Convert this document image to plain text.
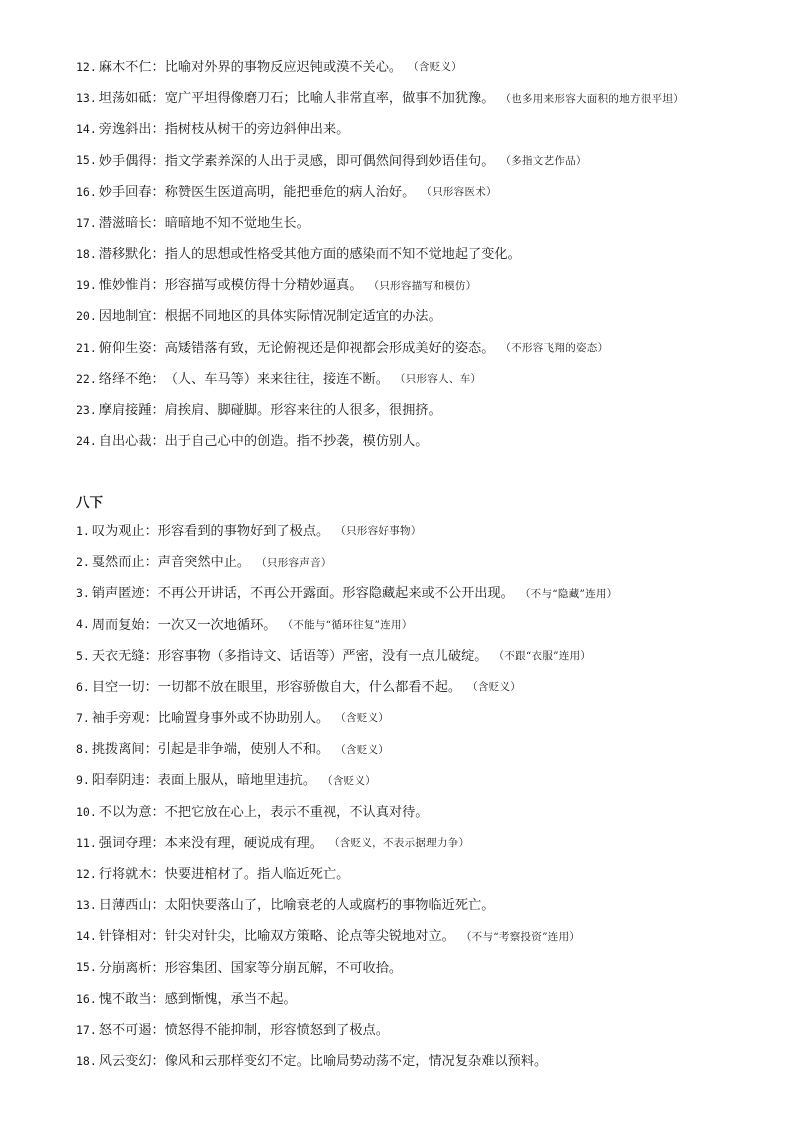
12. 麻木不仁 ： 比喻对外界的事物反应迟钝或漠不关心。 （含贬义）
13. 坦荡如砥 ： 宽广平坦得像磨刀石；比喻人非常直率，做事不加犹豫。 （也多用来形容大面积的地方很平坦）
14. 旁逸斜出 ： 指树枝从树干的旁边斜伸出来。
15. 妙手偶得 ： 指文学素养深的人出于灵感，即可偶然间得到妙语佳句。 （多指文艺作品）
16. 妙手回春 ： 称赞医生医道高明，能把垂危的病人治好。 （只形容医术）
17. 潜滋暗长 ： 暗暗地不知不觉地生长。
18. 潜移默化 ： 指人的思想或性格受其他方面的感染而不知不觉地起了变化。
19. 惟妙惟肖 ： 形容描写或模仿得十分精妙逼真。 （只形容描写和模仿）
20. 因地制宜 ： 根据不同地区的具体实际情况制定适宜的办法。
21. 俯仰生姿 ： 高矮错落有致，无论俯视还是仰视都会形成美好的姿态。 （不形容飞翔的姿态）
22. 络绎不绝 ： （人、车马等）来来往往，接连不断。 （只形容人、车）
23. 摩肩接踵 ： 肩挨肩、脚碰脚。形容来往的人很多，很拥挤。
24. 自出心裁 ： 出于自己心中的创造。指不抄袭，模仿别人。
八下
1. 叹为观止 ： 形容看到的事物好到了极点。 （只形容好事物）
2. 戛然而止 ： 声音突然中止。 （只形容声音）
3. 销声匿迹 ： 不再公开讲话，不再公开露面。形容隐藏起来或不公开出现。 （不与“隐藏”连用）
4. 周而复始 ： 一次又一次地循环。 （不能与“循环往复”连用）
5. 天衣无缝 ： 形容事物（多指诗文、话语等）严密，没有一点儿破绽。 （不跟“衣服”连用）
6. 目空一切 ： 一切都不放在眼里，形容骄傲自大，什么都看不起。 （含贬义）
7. 袖手旁观 ： 比喻置身事外或不协助别人。 （含贬义）
8. 挑拨离间 ： 引起是非争端，使别人不和。 （含贬义）
9. 阳奉阴违 ： 表面上服从，暗地里违抗。 （含贬义）
10. 不以为意 ： 不把它放在心上，表示不重视，不认真对待。
11. 强词夺理 ： 本来没有理，硬说成有理。 （含贬义，不表示据理力争）
12. 行将就木 ： 快要进棺材了。指人临近死亡。
13. 日薄西山 ： 太阳快要落山了，比喻衰老的人或腐朽的事物临近死亡。
14. 针锋相对 ： 针尖对针尖，比喻双方策略、论点等尖锐地对立。 （不与“考察投资”连用）
15. 分崩离析 ： 形容集团、国家等分崩瓦解，不可收拾。
16. 愧不敢当 ： 感到惭愧，承当不起。
17. 怒不可遏 ： 愤怒得不能抑制，形容愤怒到了极点。
18. 风云变幻 ： 像风和云那样变幻不定。比喻局势动荡不定，情况复杂难以预料。
